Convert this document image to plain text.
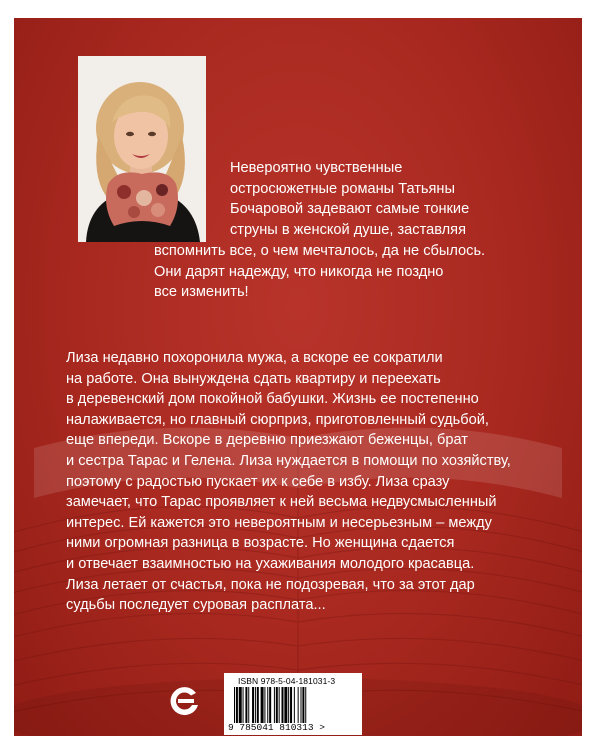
Невероятно чувственные
остросюжетные романы Татьяны
Бочаровой задевают самые тонкие
струны в женской душе, заставляя
вспомнить все, о чем мечталось, да не сбылось.
Они дарят надежду, что никогда не поздно
все изменить!
Лиза недавно похоронила мужа, а вскоре ее сократили
на работе. Она вынуждена сдать квартиру и переехать
в деревенский дом покойной бабушки. Жизнь ее постепенно
налаживается, но главный сюрприз, приготовленный судьбой,
еще впереди. Вскоре в деревню приезжают беженцы, брат
и сестра Тарас и Гелена. Лиза нуждается в помощи по хозяйству,
поэтому с радостью пускает их к себе в избу. Лиза сразу
замечает, что Тарас проявляет к ней весьма недвусмысленный
интерес. Ей кажется это невероятным и несерьезным – между
ними огромная разница в возрасте. Но женщина сдается
и отвечает взаимностью на ухаживания молодого красавца.
Лиза летает от счастья, пока не подозревая, что за этот дар
судьбы последует суровая расплата...
ISBN 978-5-04-181031-3
9 785041 810313 >
